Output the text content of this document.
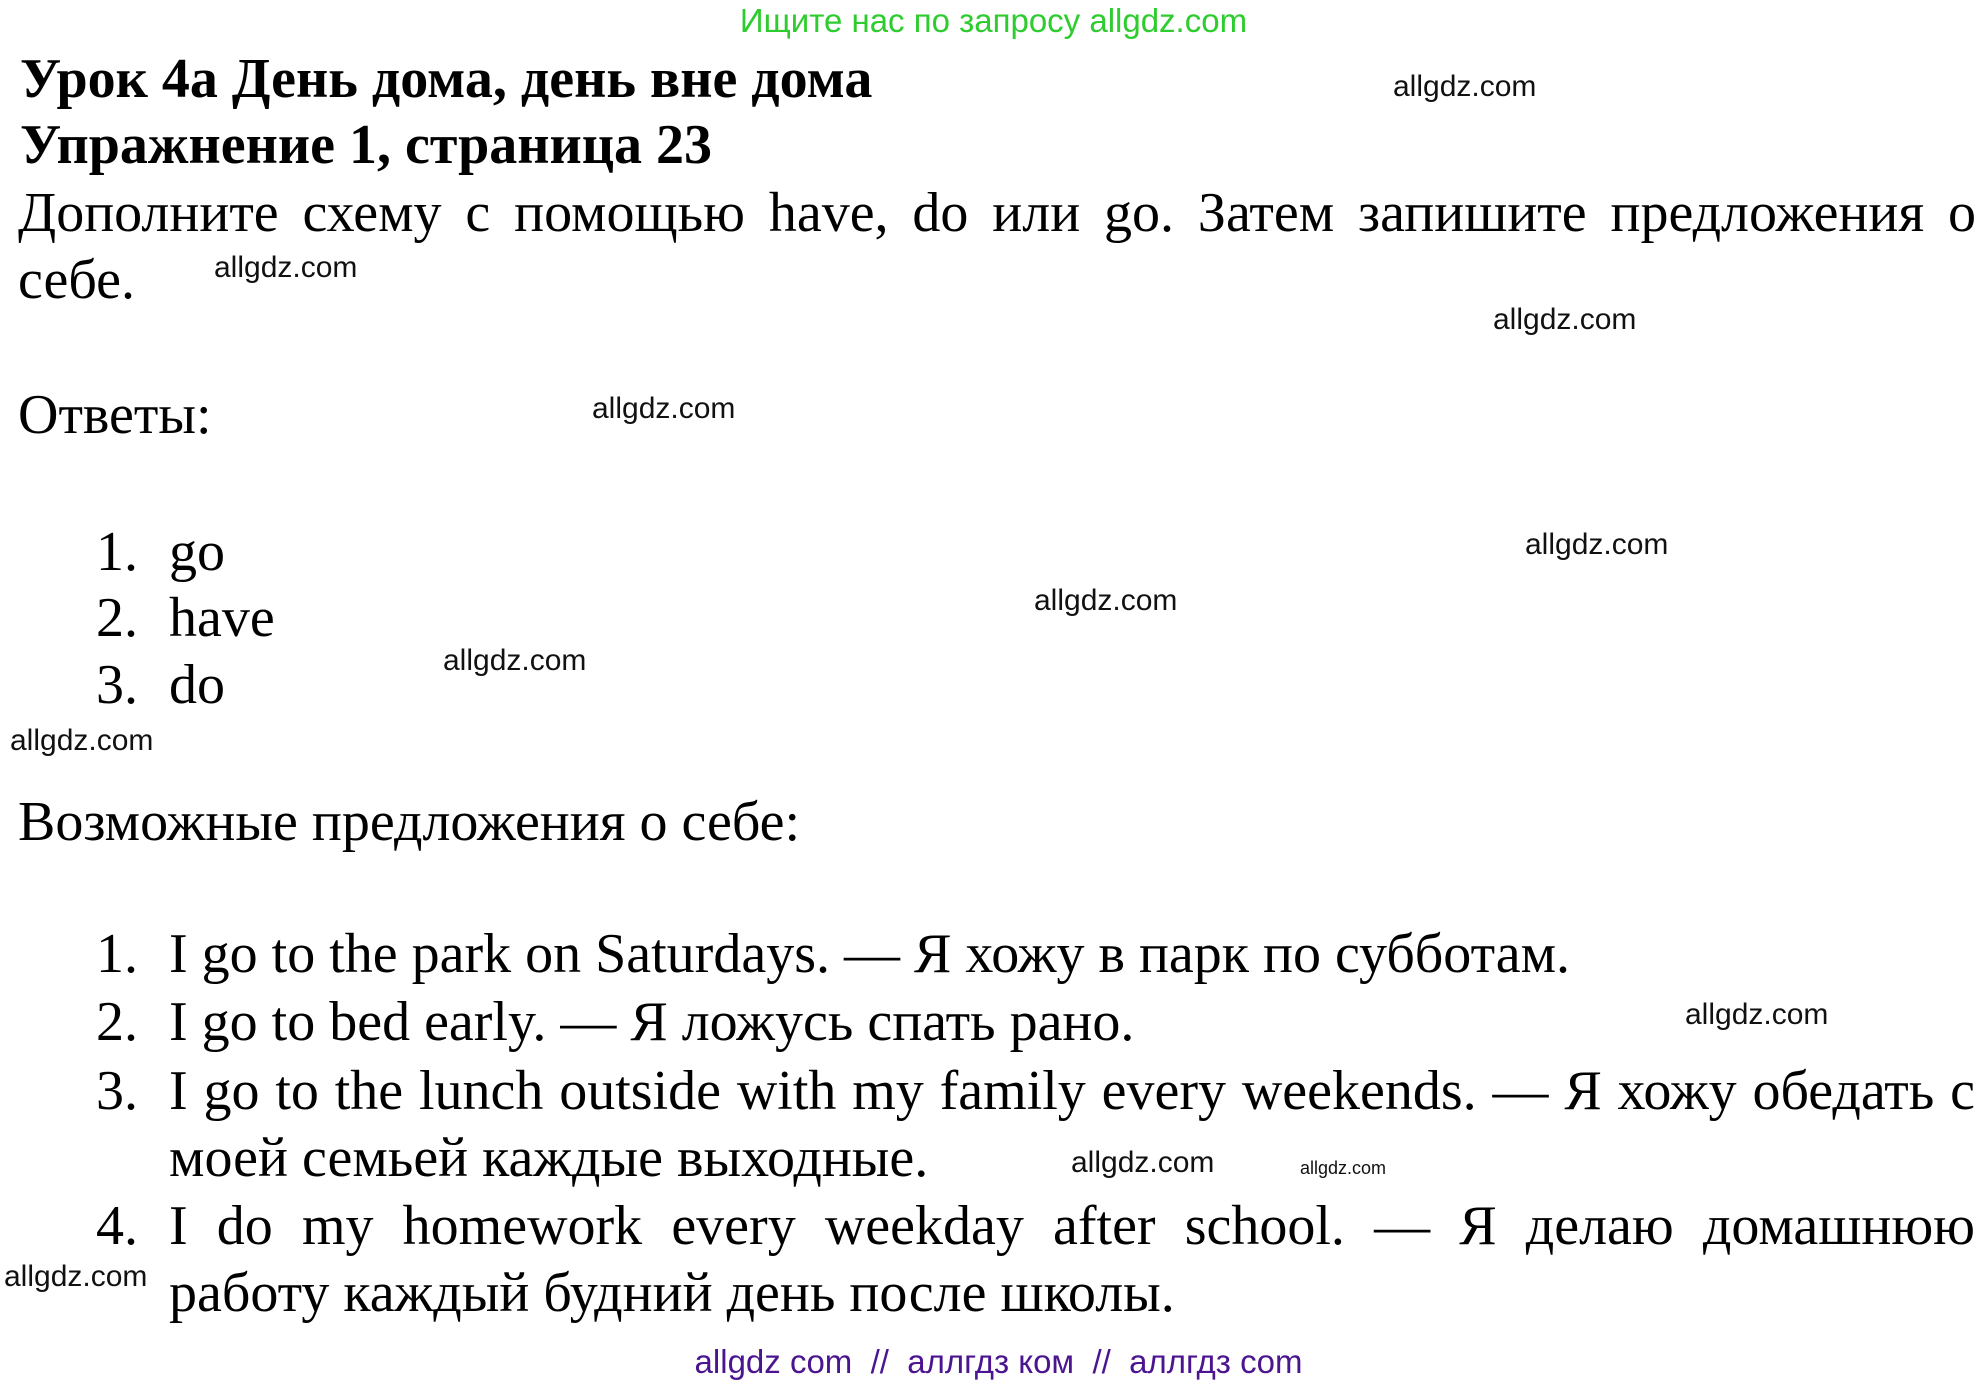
Ищите нас по запросу allgdz.com
Урок 4а День дома, день вне дома
Упражнение 1, страница 23
Дополните схему с помощью have, do или go. Затем запишите предложения о себе.
Ответы:
1. go
2. have
3. do
Возможные предложения о себе:
1. I go to the park on Saturdays. — Я хожу в парк по субботам.
2. I go to bed early. — Я ложусь спать рано.
3. I go to the lunch outside with my family every weekends. — Я хожу обедать с моей семьей каждые выходные.
4. I do my homework every weekday after school. — Я делаю домашнюю работу каждый будний день после школы.
allgdz.com
allgdz.com
allgdz.com
allgdz.com
allgdz.com
allgdz.com
allgdz.com
allgdz.com
allgdz.com
allgdz.com
allgdz.com
allgdz.com
allgdz com  //  аллгдз ком  //  аллгдз com
